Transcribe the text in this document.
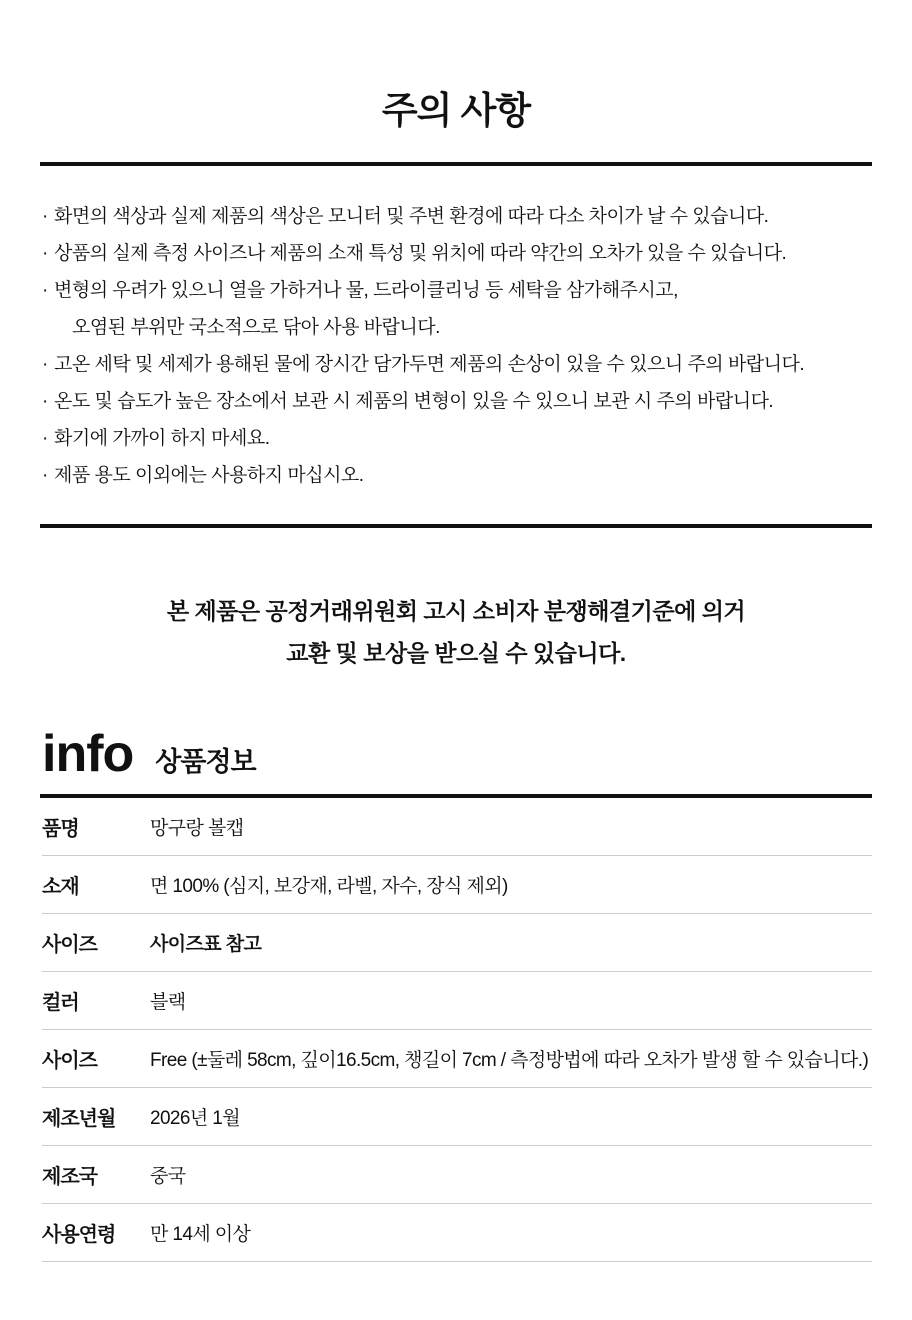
주의 사항
· 화면의 색상과 실제 제품의 색상은 모니터 및 주변 환경에 따라 다소 차이가 날 수 있습니다.
· 상품의 실제 측정 사이즈나 제품의 소재 특성 및 위치에 따라 약간의 오차가 있을 수 있습니다.
· 변형의 우려가 있으니 열을 가하거나 물, 드라이클리닝 등 세탁을 삼가해주시고,
오염된 부위만 국소적으로 닦아 사용 바랍니다.
· 고온 세탁 및 세제가 용해된 물에 장시간 담가두면 제품의 손상이 있을 수 있으니 주의 바랍니다.
· 온도 및 습도가 높은 장소에서 보관 시 제품의 변형이 있을 수 있으니 보관 시 주의 바랍니다.
· 화기에 가까이 하지 마세요.
· 제품 용도 이외에는 사용하지 마십시오.
본 제품은 공정거래위원회 고시 소비자 분쟁해결기준에 의거
교환 및 보상을 받으실 수 있습니다.
info 상품정보
품명	망구랑 볼캡
소재	면 100% (심지, 보강재, 라벨, 자수, 장식 제외)
사이즈	사이즈표 참고
컬러	블랙
사이즈	Free (±둘레 58cm, 깊이16.5cm, 챙길이 7cm / 측정방법에 따라 오차가 발생 할 수 있습니다.)
제조년월	2026년 1월
제조국	중국
사용연령	만 14세 이상
